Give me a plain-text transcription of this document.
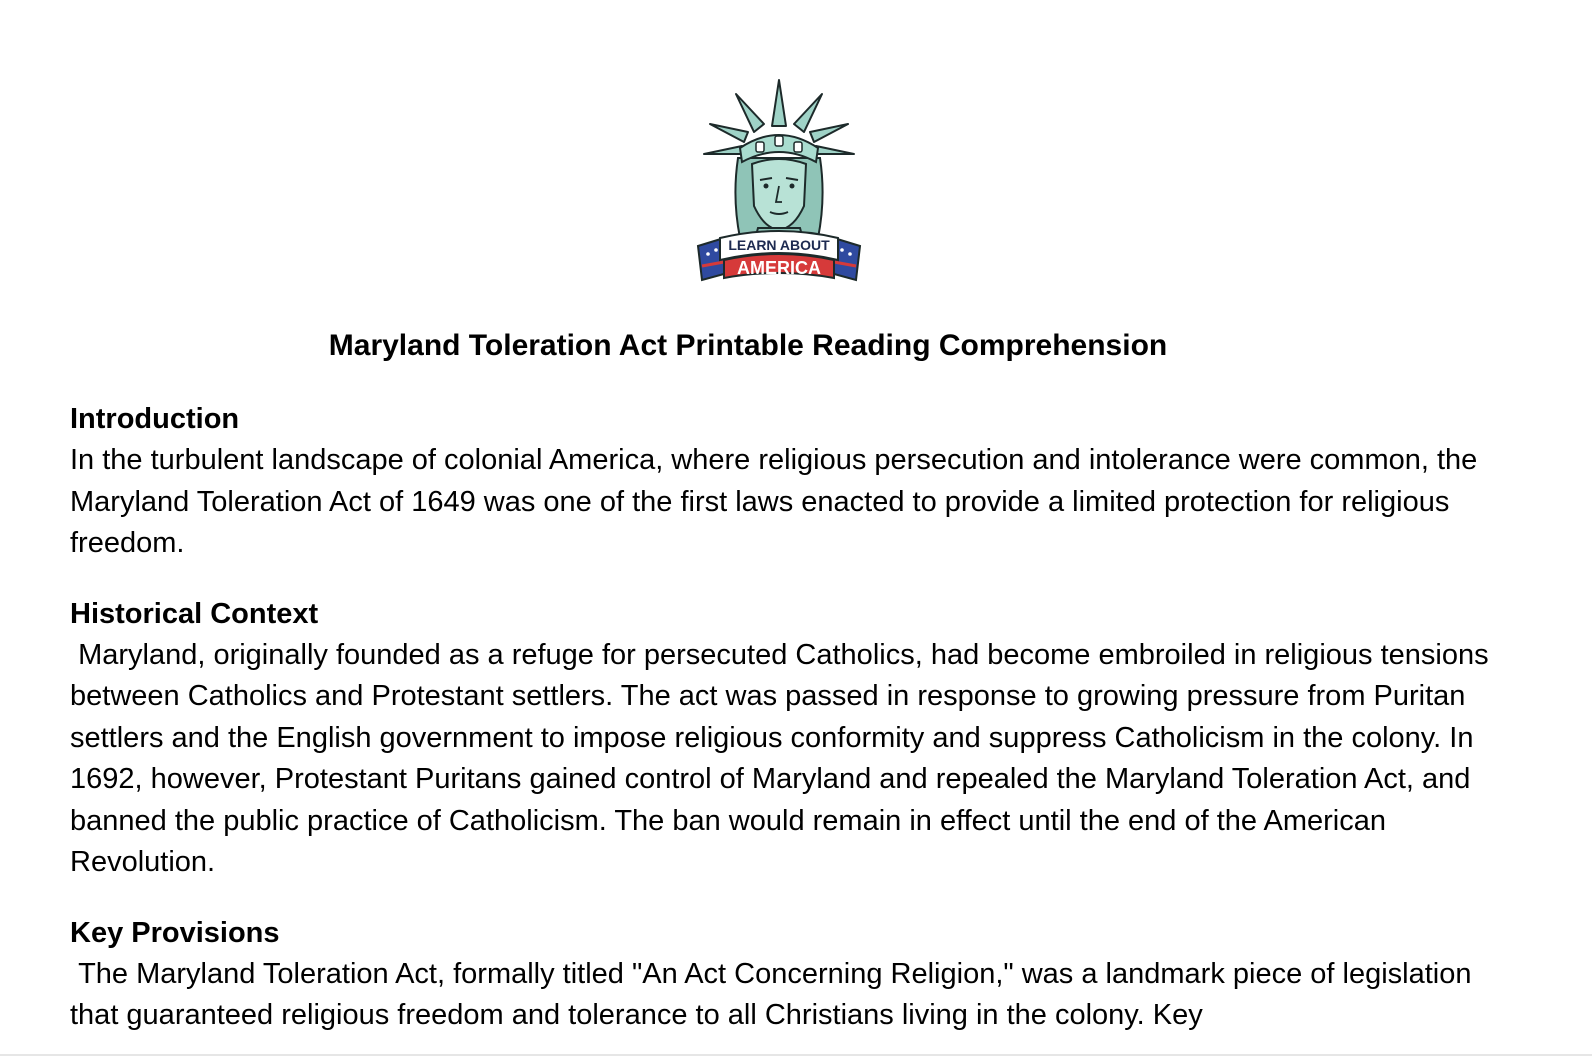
LEARN ABOUT
AMERICA
Maryland Toleration Act Printable Reading Comprehension
Introduction

In the turbulent landscape of colonial America, where religious persecution and intolerance were common, the Maryland Toleration Act of 1649 was one of the first laws enacted to provide a limited protection for religious freedom.

Historical Context

Maryland, originally founded as a refuge for persecuted Catholics, had become embroiled in religious tensions between Catholics and Protestant settlers. The act was passed in response to growing pressure from Puritan settlers and the English government to impose religious conformity and suppress Catholicism in the colony. In 1692, however, Protestant Puritans gained control of Maryland and repealed the Maryland Toleration Act, and banned the public practice of Catholicism. The ban would remain in effect until the end of the American Revolution.

Key Provisions

The Maryland Toleration Act, formally titled "An Act Concerning Religion," was a landmark piece of legislation that guaranteed religious freedom and tolerance to all Christians living in the colony. Key
